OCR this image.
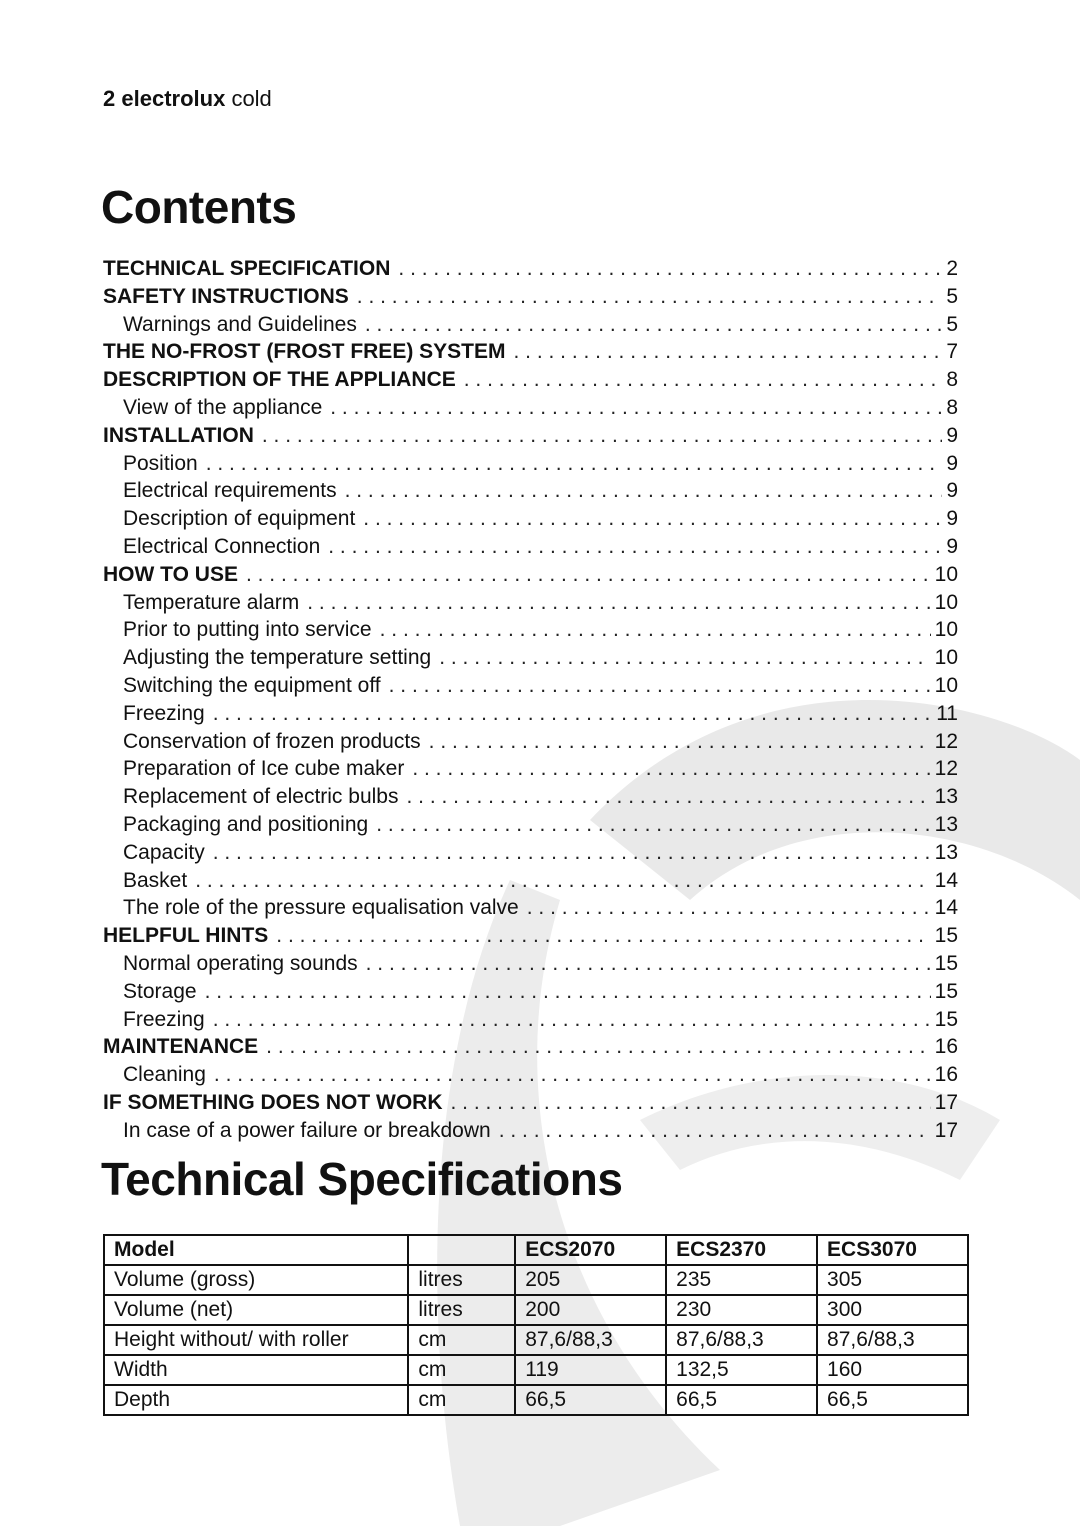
2 electrolux cold
Contents
TECHNICAL SPECIFICATION . . .	2
SAFETY INSTRUCTIONS . . .	5
Warnings and Guidelines . . .	5
THE NO-FROST (FROST FREE) SYSTEM . . .	7
DESCRIPTION OF THE APPLIANCE . . .	8
View of the appliance . . .	8
INSTALLATION . . .	9
Position . . .	9
Electrical requirements . . .	9
Description of equipment . . .	9
Electrical Connection . . .	9
HOW TO USE . . .	10
Temperature alarm . . .	10
Prior to putting into service . . .	10
Adjusting the temperature setting . . .	10
Switching the equipment off . . .	10
Freezing . . .	11
Conservation of frozen products . . .	12
Preparation of Ice cube maker . . .	12
Replacement of electric bulbs . . .	13
Packaging and positioning . . .	13
Capacity . . .	13
Basket . . .	14
The role of the pressure equalisation valve . . .	14
HELPFUL HINTS . . .	15
Normal operating sounds . . .	15
Storage . . .	15
Freezing . . .	15
MAINTENANCE . . .	16
Cleaning . . .	16
IF SOMETHING DOES NOT WORK . . .	17
In case of a power failure or breakdown . . .	17
Technical Specifications
Model		ECS2070	ECS2370	ECS3070
Volume (gross)	litres	205	235	305
Volume (net)	litres	200	230	300
Height without/ with roller	cm	87,6/88,3	87,6/88,3	87,6/88,3
Width	cm	119	132,5	160
Depth	cm	66,5	66,5	66,5
